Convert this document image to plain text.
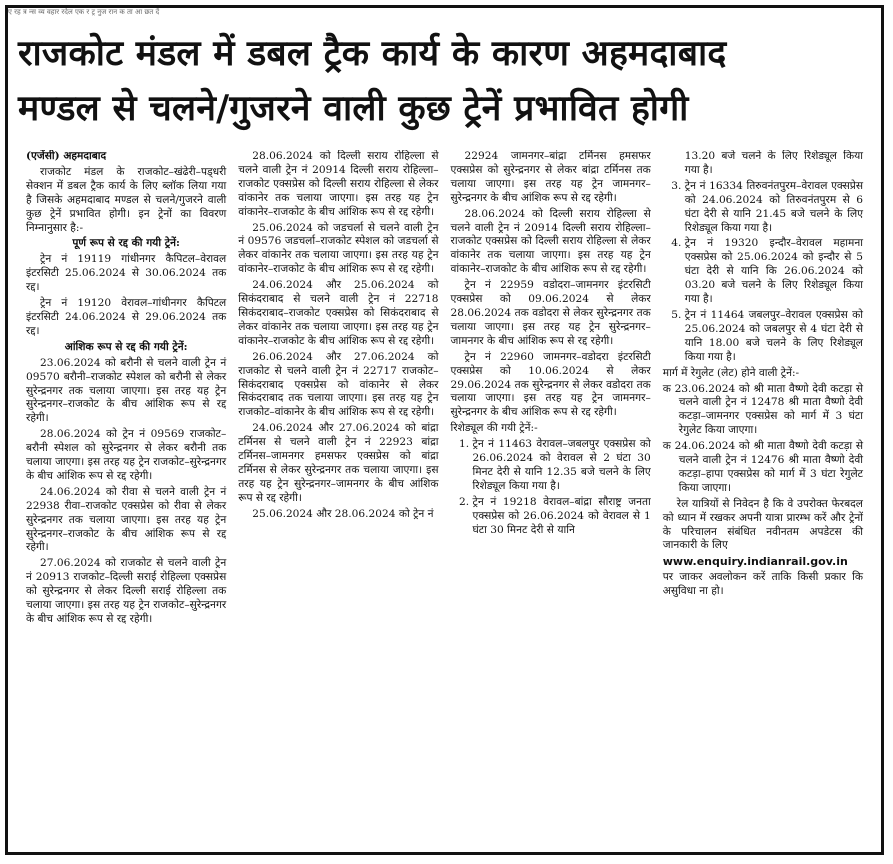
ए रह त्र न्स व्य वहार रदेल एक र ट्र नुज रान क ता आ छत दें
राजकोट मंडल में डबल ट्रैक कार्य के कारण अहमदाबाद
मण्डल से चलने/गुजरने वाली कुछ ट्रेनें प्रभावित होगी

(एजेंसी) अहमदाबाद

राजकोट मंडल के राजकोट–खंढेरी–पड्धरी सेक्शन में डबल ट्रैक कार्य के लिए ब्लॉक लिया गया है जिसके अहमदाबाद मण्डल से चलने/गुजरने वाली कुछ ट्रेनें प्रभावित होगी। इन ट्रेनों का विवरण निम्नानुसार है:-

पूर्ण रूप से रद्द की गयी ट्रेनें:

ट्रेन नं 19119 गांधीनगर कैपिटल–वेरावल इंटरसिटी 25.06.2024 से 30.06.2024 तक रद्द।

ट्रेन नं 19120 वेरावल–गांधीनगर कैपिटल इंटरसिटी 24.06.2024 से 29.06.2024 तक रद्द।

आंशिक रूप से रद्द की गयी ट्रेनें:

23.06.2024 को बरौनी से चलने वाली ट्रेन नं 09570 बरौनी–राजकोट स्पेशल को बरौनी से लेकर सुरेन्द्रनगर तक चलाया जाएगा। इस तरह यह ट्रेन सुरेन्द्रनगर–राजकोट के बीच आंशिक रूप से रद्द रहेगी।

28.06.2024 को ट्रेन नं 09569 राजकोट–बरौनी स्पेशल को सुरेन्द्रनगर से लेकर बरौनी तक चलाया जाएगा। इस तरह यह ट्रेन राजकोट–सुरेन्द्रनगर के बीच आंशिक रूप से रद्द रहेगी।

24.06.2024 को रीवा से चलने वाली ट्रेन नं 22938 रीवा–राजकोट एक्सप्रेस को रीवा से लेकर सुरेन्द्रनगर तक चलाया जाएगा। इस तरह यह ट्रेन सुरेन्द्रनगर–राजकोट के बीच आंशिक रूप से रद्द रहेगी।

27.06.2024 को राजकोट से चलने वाली ट्रेन नं 20913 राजकोट–दिल्ली सराई रोहिल्ला एक्सप्रेस को सुरेन्द्रनगर से लेकर दिल्ली सराई रोहिल्ला तक चलाया जाएगा। इस तरह यह ट्रेन राजकोट–सुरेन्द्रनगर के बीच आंशिक रूप से रद्द रहेगी।

28.06.2024 को दिल्ली सराय रोहिल्ला से चलने वाली ट्रेन नं 20914 दिल्ली सराय रोहिल्ला–राजकोट एक्सप्रेस को दिल्ली सराय रोहिल्ला से लेकर वांकानेर तक चलाया जाएगा। इस तरह यह ट्रेन वांकानेर–राजकोट के बीच आंशिक रूप से रद्द रहेगी।

25.06.2024 को जडचर्ला से चलने वाली ट्रेन नं 09576 जडचर्ला–राजकोट स्पेशल को जडचर्ला से लेकर वांकानेर तक चलाया जाएगा। इस तरह यह ट्रेन वांकानेर–राजकोट के बीच आंशिक रूप से रद्द रहेगी।

24.06.2024 और 25.06.2024 को सिकंदराबाद से चलने वाली ट्रेन नं 22718 सिकंदराबाद–राजकोट एक्सप्रेस को सिकंदराबाद से लेकर वांकानेर तक चलाया जाएगा। इस तरह यह ट्रेन वांकानेर–राजकोट के बीच आंशिक रूप से रद्द रहेगी।

26.06.2024 और 27.06.2024 को राजकोट से चलने वाली ट्रेन नं 22717 राजकोट–सिकंदराबाद एक्सप्रेस को वांकानेर से लेकर सिकंदराबाद तक चलाया जाएगा। इस तरह यह ट्रेन राजकोट–वांकानेर के बीच आंशिक रूप से रद्द रहेगी।

24.06.2024 और 27.06.2024 को बांद्रा टर्मिनस से चलने वाली ट्रेन नं 22923 बांद्रा टर्मिनस–जामनगर हमसफर एक्सप्रेस को बांद्रा टर्मिनस से लेकर सुरेन्द्रनगर तक चलाया जाएगा। इस तरह यह ट्रेन सुरेन्द्रनगर–जामनगर के बीच आंशिक रूप से रद्द रहेगी।

25.06.2024 और 28.06.2024 को ट्रेन नं

22924 जामनगर–बांद्रा टर्मिनस हमसफर एक्सप्रेस को सुरेन्द्रनगर से लेकर बांद्रा टर्मिनस तक चलाया जाएगा। इस तरह यह ट्रेन जामनगर–सुरेन्द्रनगर के बीच आंशिक रूप से रद्द रहेगी।

28.06.2024 को दिल्ली सराय रोहिल्ला से चलने वाली ट्रेन नं 20914 दिल्ली सराय रोहिल्ला–राजकोट एक्सप्रेस को दिल्ली सराय रोहिल्ला से लेकर वांकानेर तक चलाया जाएगा। इस तरह यह ट्रेन वांकानेर–राजकोट के बीच आंशिक रूप से रद्द रहेगी।

ट्रेन नं 22959 वडोदरा–जामनगर इंटरसिटी एक्सप्रेस को 09.06.2024 से लेकर 28.06.2024 तक वडोदरा से लेकर सुरेन्द्रनगर तक चलाया जाएगा। इस तरह यह ट्रेन सुरेन्द्रनगर–जामनगर के बीच आंशिक रूप से रद्द रहेगी।

ट्रेन नं 22960 जामनगर–वडोदरा इंटरसिटी एक्सप्रेस को 10.06.2024 से लेकर 29.06.2024 तक सुरेन्द्रनगर से लेकर वडोदरा तक चलाया जाएगा। इस तरह यह ट्रेन जामनगर–सुरेन्द्रनगर के बीच आंशिक रूप से रद्द रहेगी।

रिशेड्यूल की गयी ट्रेनें:-

1. ट्रेन नं 11463 वेरावल–जबलपुर एक्सप्रेस को 26.06.2024 को वेरावल से 2 घंटा 30 मिनट देरी से यानि 12.35 बजे चलने के लिए रिशेड्यूल किया गया है।
2. ट्रेन नं 19218 वेरावल–बांद्रा सौराष्ट्र जनता एक्सप्रेस को 26.06.2024 को वेरावल से 1 घंटा 30 मिनट देरी से यानि

13.20 बजे चलने के लिए रिशेड्यूल किया गया है।

3. ट्रेन नं 16334 तिरुवनंतपुरम–वेरावल एक्सप्रेस को 24.06.2024 को तिरुवनंतपुरम से 6 घंटा देरी से यानि 21.45 बजे चलने के लिए रिशेड्यूल किया गया है।
4. ट्रेन नं 19320 इन्दौर–वेरावल महामना एक्सप्रेस को 25.06.2024 को इन्दौर से 5 घंटा देरी से यानि कि 26.06.2024 को 03.20 बजे चलने के लिए रिशेड्यूल किया गया है।
5. ट्रेन नं 11464 जबलपुर–वेरावल एक्सप्रेस को 25.06.2024 को जबलपुर से 4 घंटा देरी से यानि 18.00 बजे चलने के लिए रिशेड्यूल किया गया है।

मार्ग में रेगुलेट (लेट) होने वाली ट्रेनें:-

क 23.06.2024 को श्री माता वैष्णो देवी कटड़ा से चलने वाली ट्रेन नं 12478 श्री माता वैष्णो देवी कटड़ा–जामनगर एक्सप्रेस को मार्ग में 3 घंटा रेगुलेट किया जाएगा।

क 24.06.2024 को श्री माता वैष्णो देवी कटड़ा से चलने वाली ट्रेन नं 12476 श्री माता वैष्णो देवी कटड़ा–हापा एक्सप्रेस को मार्ग में 3 घंटा रेगुलेट किया जाएगा।

रेल यात्रियों से निवेदन है कि वे उपरोक्त फेरबदल को ध्यान में रखकर अपनी यात्रा प्रारम्भ करें और ट्रेनों के परिचालन संबंधित नवीनतम अपडेटस की जानकारी के लिए

www.enquiry.indianrail.gov.in

पर जाकर अवलोकन करें ताकि किसी प्रकार कि असुविधा ना हो।
